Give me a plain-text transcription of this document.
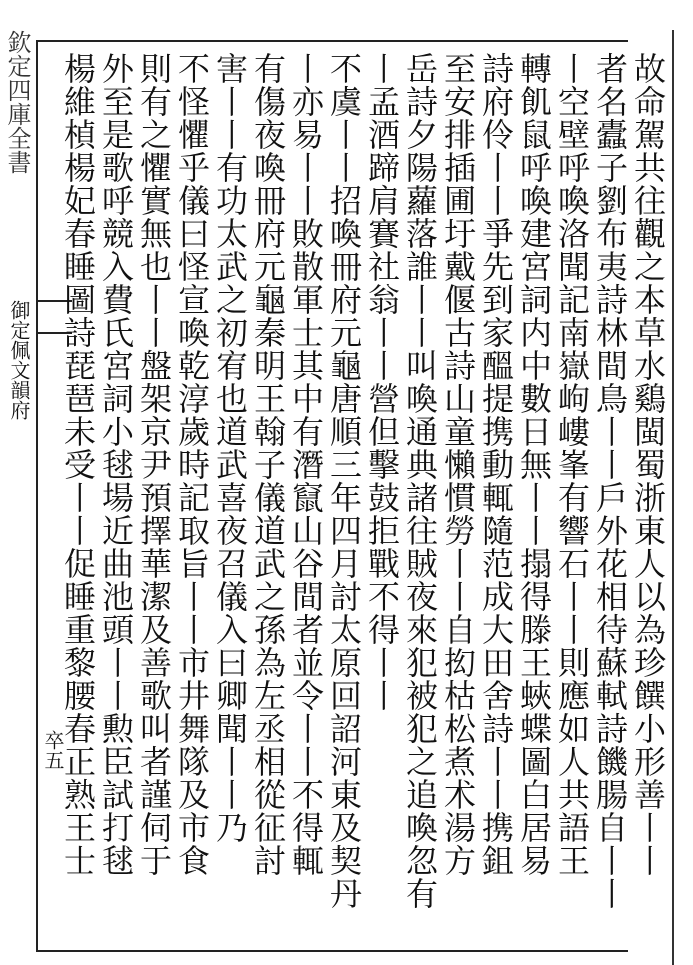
欽定四庫全書
御定佩文韻府
卒五	故命駕共往觀之本草水鷄閩蜀浙東人以為珍饌小形善丨丨
者名蠹子劉布夷詩林間鳥丨丨戶外花相待蘇軾詩饑腸自丨丨
丨空壁呼喚洛聞記南嶽岣嶁峯有響石丨丨則應如人共語王
轉飢鼠呼喚建宮詞内中數日無丨丨搨得滕王蛺蝶圖白居易
詩府伶丨丨爭先到家醞提携動輒隨范成大田舍詩丨丨携鉏
至安排插圃圩戴偃古詩山童懶慣勞丨丨自抝枯松煮术湯方
岳詩夕陽蘿落誰丨丨叫喚通典諸往賊夜來犯被犯之追喚忽有
丨孟酒蹄肩賽社翁丨丨營但擊鼓拒戰不得丨丨
不虞丨丨招喚冊府元龜唐順三年四月討太原回詔河東及契丹
丨亦易丨丨敗散軍士其中有潛竄山谷間者並令丨丨不得輒
有傷夜喚冊府元龜秦明王翰子儀道武之孫為左丞相從征討
害丨丨有功太武之初宥也道武喜夜召儀入曰卿聞丨丨乃
不怪懼乎儀曰怪宣喚乾淳歲時記取旨丨丨市井舞隊及市食
則有之懼實無也丨丨盤架京尹預擇華潔及善歌叫者謹伺于
外至是歌呼競入費氏宮詞小毬場近曲池頭丨丨勲臣試打毬
楊維楨楊妃春睡圖詩琵琶未受丨丨促睡重黎腰春正熟王士
